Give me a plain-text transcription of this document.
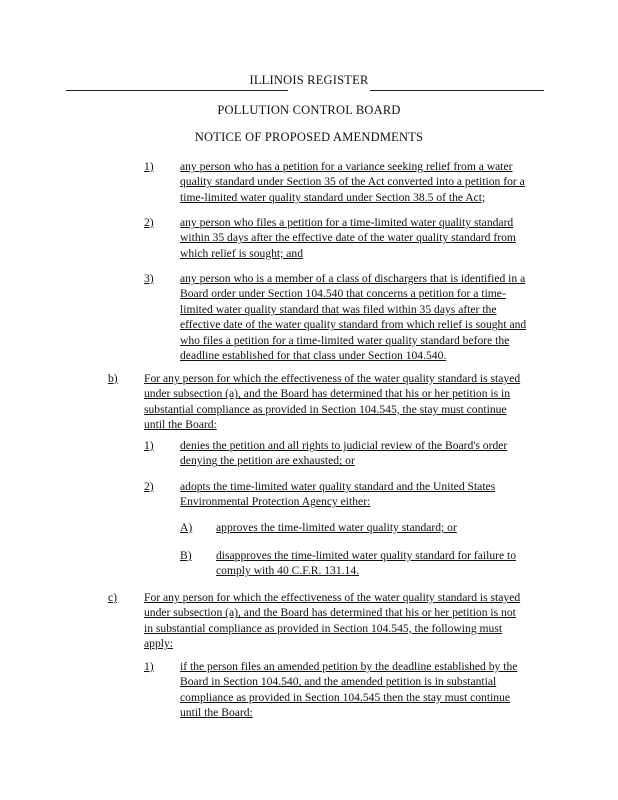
ILLINOIS REGISTER
POLLUTION CONTROL BOARD
NOTICE OF PROPOSED AMENDMENTS
1) any person who has a petition for a variance seeking relief from a water
quality standard under Section 35 of the Act converted into a petition for a
time-limited water quality standard under Section 38.5 of the Act;
2) any person who files a petition for a time-limited water quality standard
within 35 days after the effective date of the water quality standard from
which relief is sought; and
3) any person who is a member of a class of dischargers that is identified in a
Board order under Section 104.540 that concerns a petition for a time-
limited water quality standard that was filed within 35 days after the
effective date of the water quality standard from which relief is sought and
who files a petition for a time-limited water quality standard before the
deadline established for that class under Section 104.540.
b) For any person for which the effectiveness of the water quality standard is stayed
under subsection (a), and the Board has determined that his or her petition is in
substantial compliance as provided in Section 104.545, the stay must continue
until the Board:
1) denies the petition and all rights to judicial review of the Board's order
denying the petition are exhausted; or
2) adopts the time-limited water quality standard and the United States
Environmental Protection Agency either:
A) approves the time-limited water quality standard; or
B) disapproves the time-limited water quality standard for failure to
comply with 40 C.F.R. 131.14.
c) For any person for which the effectiveness of the water quality standard is stayed
under subsection (a), and the Board has determined that his or her petition is not
in substantial compliance as provided in Section 104.545, the following must
apply:
1) if the person files an amended petition by the deadline established by the
Board in Section 104.540, and the amended petition is in substantial
compliance as provided in Section 104.545 then the stay must continue
until the Board:
